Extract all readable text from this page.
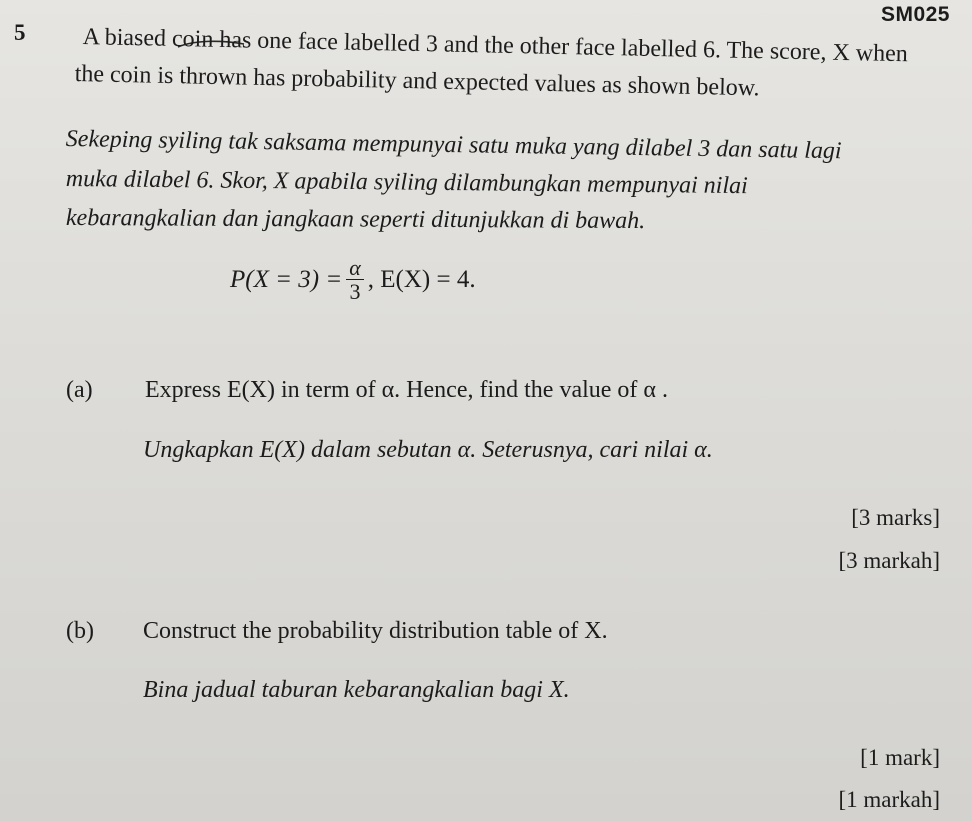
SM025
5 A biased coin has one face labelled 3 and the other face labelled 6. The score, X when
the coin is thrown has probability and expected values as shown below.
Sekeping syiling tak saksama mempunyai satu muka yang dilabel 3 dan satu lagi
muka dilabel 6. Skor, X apabila syiling dilambungkan mempunyai nilai
kebarangkalian dan jangkaan seperti ditunjukkan di bawah.
$P(X = 3) = \frac{\alpha}{3}$ , E(X) = 4.
(a) Express E(X) in term of α. Hence, find the value of α .
Ungkapkan E(X) dalam sebutan α. Seterusnya, cari nilai α.
[3 marks]
[3 markah]
(b) Construct the probability distribution table of X.
Bina jadual taburan kebarangkalian bagi X.
[1 mark]
[1 markah]
